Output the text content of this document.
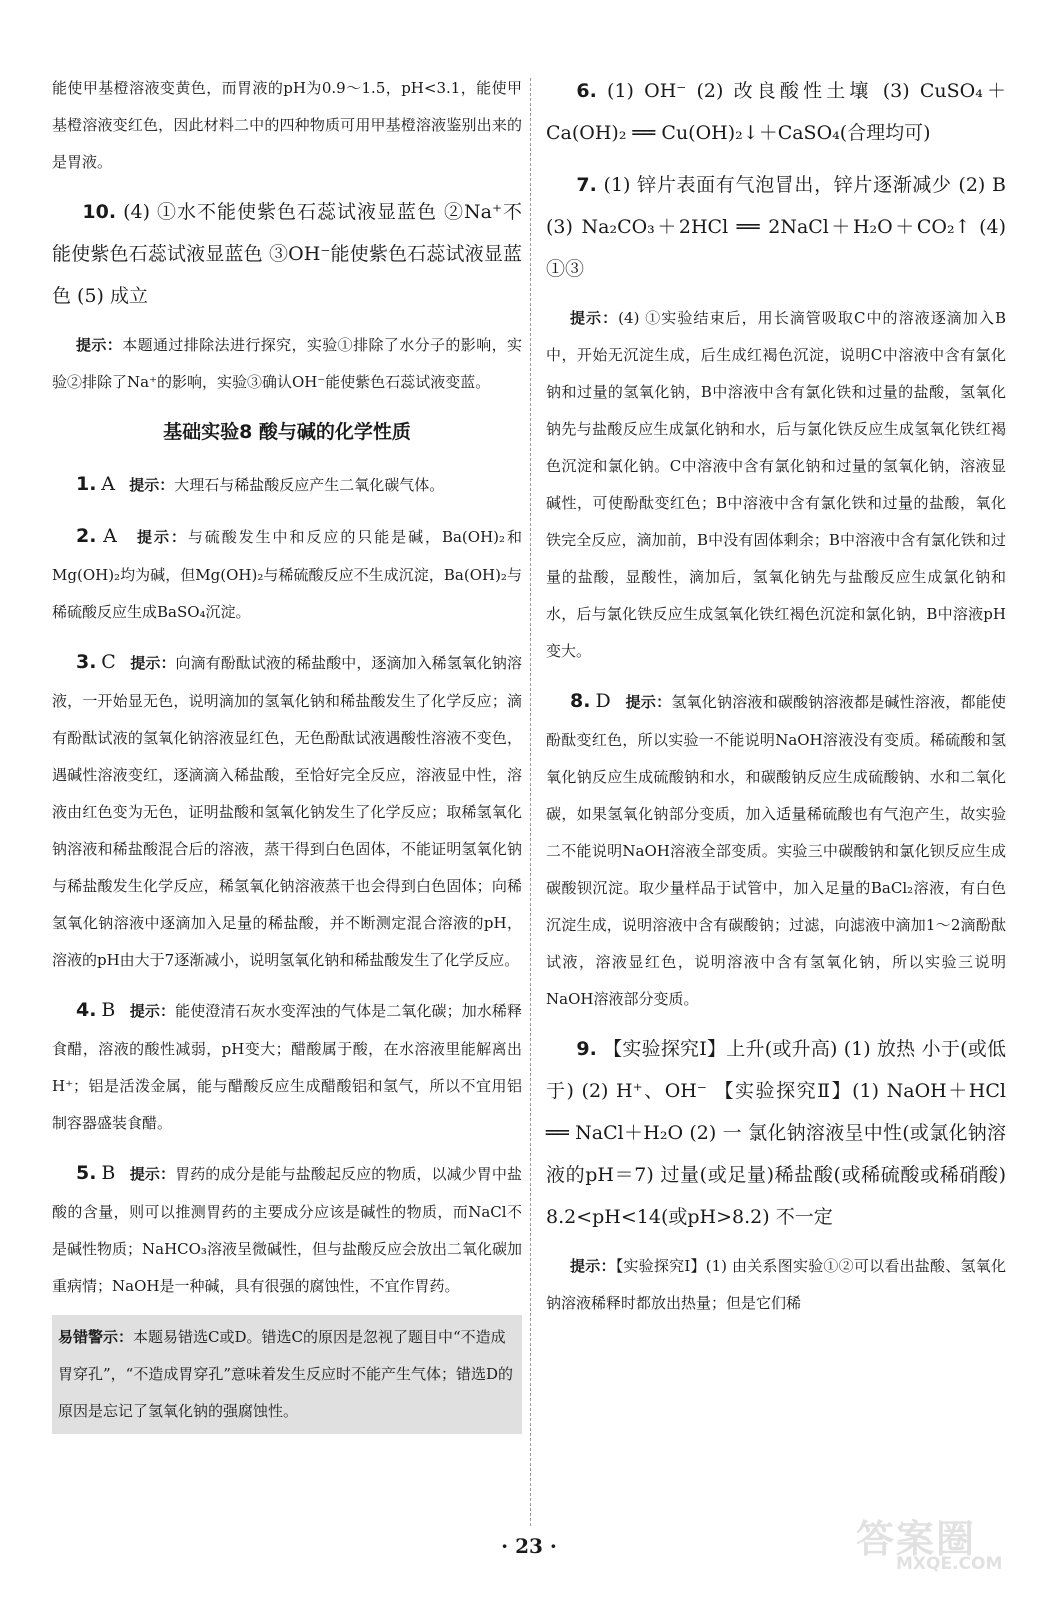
能使甲基橙溶液变黄色，而胃液的pH为0.9～1.5，pH<3.1，能使甲基橙溶液变红色，因此材料二中的四种物质可用甲基橙溶液鉴别出来的是胃液。

10. (4) ①水不能使紫色石蕊试液显蓝色 ②Na⁺不能使紫色石蕊试液显蓝色 ③OH⁻能使紫色石蕊试液显蓝色 (5) 成立

提示：本题通过排除法进行探究，实验①排除了水分子的影响，实验②排除了Na⁺的影响，实验③确认OH⁻能使紫色石蕊试液变蓝。

基础实验8 酸与碱的化学性质

1. A 提示：大理石与稀盐酸反应产生二氧化碳气体。

2. A 提示：与硫酸发生中和反应的只能是碱，Ba(OH)₂和Mg(OH)₂均为碱，但Mg(OH)₂与稀硫酸反应不生成沉淀，Ba(OH)₂与稀硫酸反应生成BaSO₄沉淀。

3. C 提示：向滴有酚酞试液的稀盐酸中，逐滴加入稀氢氧化钠溶液，一开始显无色，说明滴加的氢氧化钠和稀盐酸发生了化学反应；滴有酚酞试液的氢氧化钠溶液显红色，无色酚酞试液遇酸性溶液不变色，遇碱性溶液变红，逐滴滴入稀盐酸，至恰好完全反应，溶液显中性，溶液由红色变为无色，证明盐酸和氢氧化钠发生了化学反应；取稀氢氧化钠溶液和稀盐酸混合后的溶液，蒸干得到白色固体，不能证明氢氧化钠与稀盐酸发生化学反应，稀氢氧化钠溶液蒸干也会得到白色固体；向稀氢氧化钠溶液中逐滴加入足量的稀盐酸，并不断测定混合溶液的pH，溶液的pH由大于7逐渐减小，说明氢氧化钠和稀盐酸发生了化学反应。

4. B 提示：能使澄清石灰水变浑浊的气体是二氧化碳；加水稀释食醋，溶液的酸性减弱，pH变大；醋酸属于酸，在水溶液里能解离出H⁺；铝是活泼金属，能与醋酸反应生成醋酸铝和氢气，所以不宜用铝制容器盛装食醋。

5. B 提示：胃药的成分是能与盐酸起反应的物质，以减少胃中盐酸的含量，则可以推测胃药的主要成分应该是碱性的物质，而NaCl不是碱性物质；NaHCO₃溶液呈微碱性，但与盐酸反应会放出二氧化碳加重病情；NaOH是一种碱，具有很强的腐蚀性，不宜作胃药。

易错警示：本题易错选C或D。错选C的原因是忽视了题目中“不造成胃穿孔”，“不造成胃穿孔”意味着发生反应时不能产生气体；错选D的原因是忘记了氢氧化钠的强腐蚀性。

6. (1) OH⁻ (2) 改良酸性土壤 (3) CuSO₄＋Ca(OH)₂ ══ Cu(OH)₂↓＋CaSO₄(合理均可)

7. (1) 锌片表面有气泡冒出，锌片逐渐减少 (2) B (3) Na₂CO₃＋2HCl ══ 2NaCl＋H₂O＋CO₂↑ (4) ①③

提示：(4) ①实验结束后，用长滴管吸取C中的溶液逐滴加入B中，开始无沉淀生成，后生成红褐色沉淀，说明C中溶液中含有氯化钠和过量的氢氧化钠，B中溶液中含有氯化铁和过量的盐酸，氢氧化钠先与盐酸反应生成氯化钠和水，后与氯化铁反应生成氢氧化铁红褐色沉淀和氯化钠。C中溶液中含有氯化钠和过量的氢氧化钠，溶液显碱性，可使酚酞变红色；B中溶液中含有氯化铁和过量的盐酸，氧化铁完全反应，滴加前，B中没有固体剩余；B中溶液中含有氯化铁和过量的盐酸，显酸性，滴加后，氢氧化钠先与盐酸反应生成氯化钠和水，后与氯化铁反应生成氢氧化铁红褐色沉淀和氯化钠，B中溶液pH变大。

8. D 提示：氢氧化钠溶液和碳酸钠溶液都是碱性溶液，都能使酚酞变红色，所以实验一不能说明NaOH溶液没有变质。稀硫酸和氢氧化钠反应生成硫酸钠和水，和碳酸钠反应生成硫酸钠、水和二氧化碳，如果氢氧化钠部分变质，加入适量稀硫酸也有气泡产生，故实验二不能说明NaOH溶液全部变质。实验三中碳酸钠和氯化钡反应生成碳酸钡沉淀。取少量样品于试管中，加入足量的BaCl₂溶液，有白色沉淀生成，说明溶液中含有碳酸钠；过滤，向滤液中滴加1～2滴酚酞试液，溶液显红色，说明溶液中含有氢氧化钠，所以实验三说明NaOH溶液部分变质。

9. 【实验探究Ⅰ】上升(或升高) (1) 放热 小于(或低于) (2) H⁺、OH⁻ 【实验探究Ⅱ】(1) NaOH＋HCl ══ NaCl＋H₂O (2) 一 氯化钠溶液呈中性(或氯化钠溶液的pH＝7) 过量(或足量)稀盐酸(或稀硫酸或稀硝酸) 8.2<pH<14(或pH>8.2) 不一定

提示：【实验探究Ⅰ】(1) 由关系图实验①②可以看出盐酸、氢氧化钠溶液稀释时都放出热量；但是它们稀

· 23 ·	答案圈
MXQE.COM
